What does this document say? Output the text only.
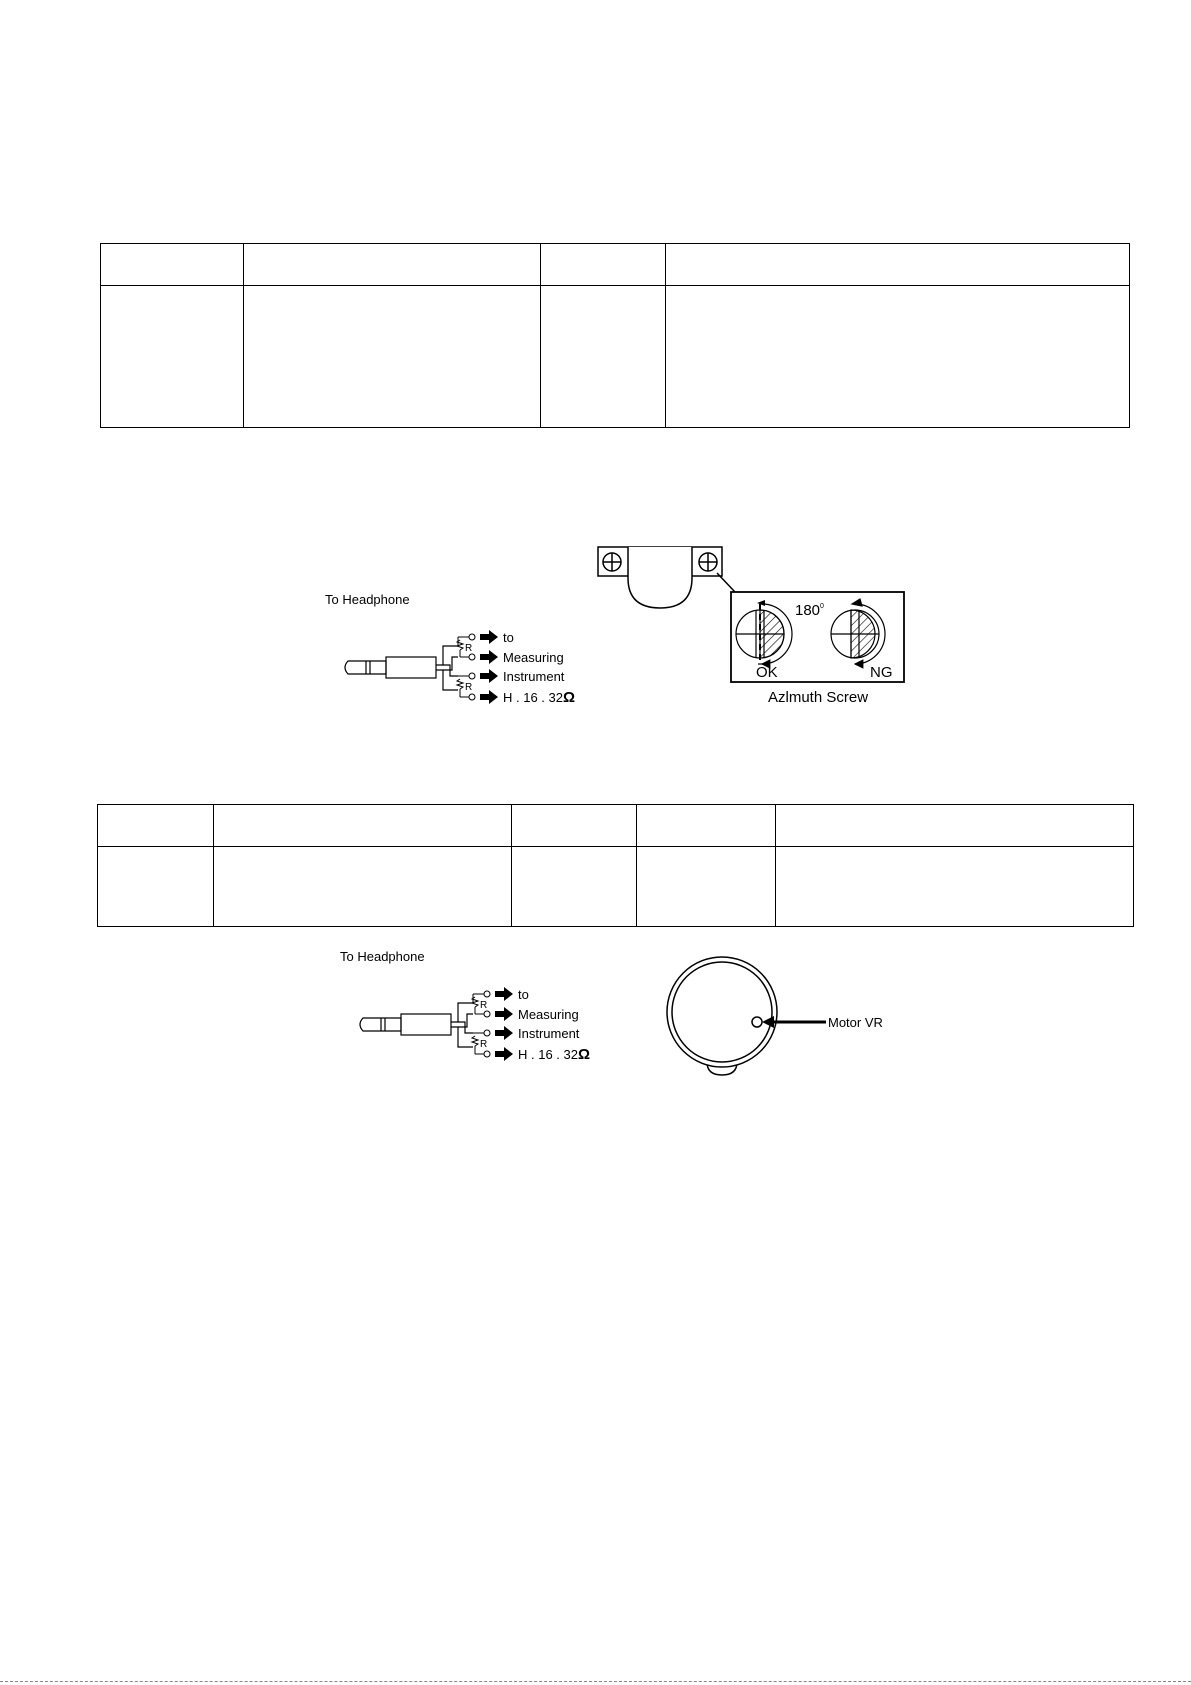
To Headphone
R
R
to
Measuring
Instrument
H . 16 . 32Ω
$180^0$
OK	NG
Azlmuth Screw
To Headphone
R
R
to
Measuring
Instrument
H . 16 . 32Ω
Motor VR
